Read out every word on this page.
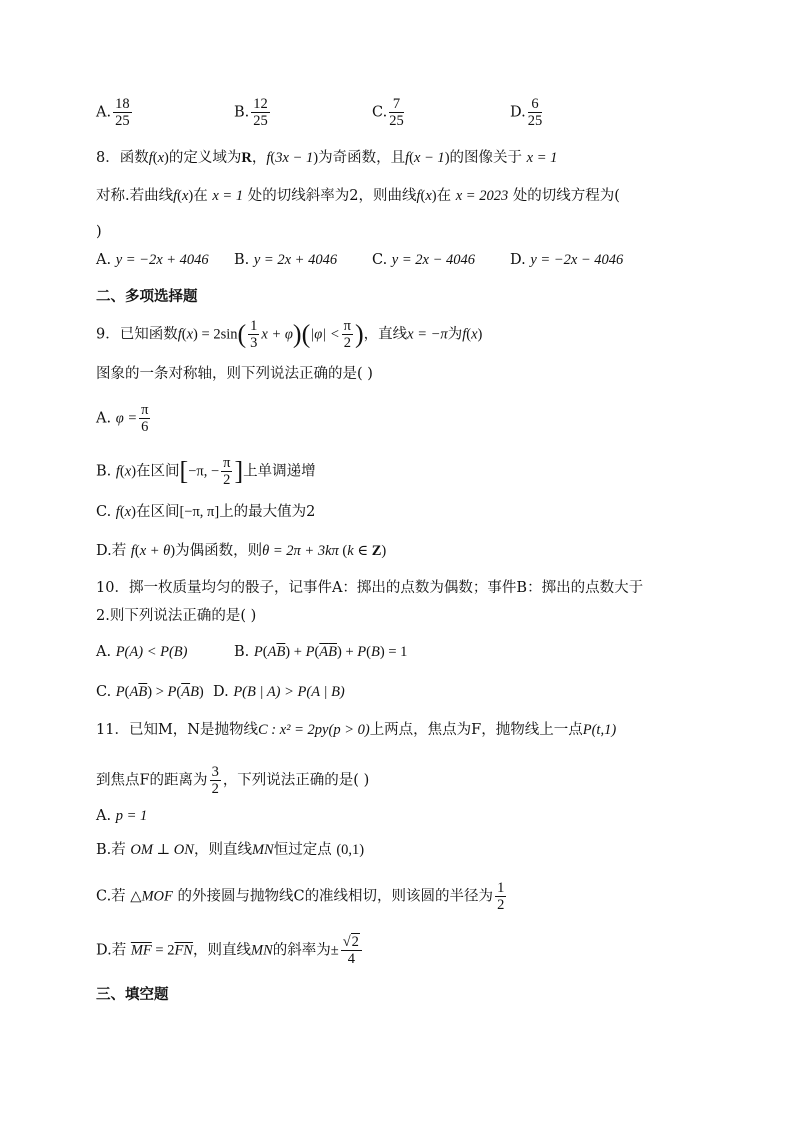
A. $\frac{18}{25}$	B. $\frac{12}{25}$	C. $\frac{7}{25}$	D. $\frac{6}{25}$
8．函数f(x)的定义域为R，f(3x − 1)为奇函数，且f(x − 1)的图像关于 x = 1
对称.若曲线f(x)在 x = 1 处的切线斜率为2，则曲线f(x)在 x = 2023 处的切线方程为(
)
A. y = −2x + 4046 B. y = 2x + 4046 C. y = 2x − 4046 D. y = −2x − 4046
二、多项选择题
9．已知函数$f(x) = 2\sin( \frac{1}{3}$ $x + \varphi)(|\varphi| < \frac{\pi}{2}$ )，直线x = −π为f(x)
图象的一条对称轴，则下列说法正确的是( )
A. $\varphi = \frac{\pi}{6}$
B. f(x)在区间[−π, − $\frac{\pi}{2}$ ]上单调递增
C. f(x)在区间[−π, π]上的最大值为2
D.若 f(x + θ)为偶函数，则θ = 2π + 3kπ (k ∈ Z)
10．掷一枚质量均匀的骰子，记事件A：掷出的点数为偶数；事件B：掷出的点数大于
2.则下列说法正确的是( )
A. P(A) < P(B)	B. $P(A\overline{B}) + P(\overline{A}\overline{B}) + P(B) = 1$
C. $P(A\overline{B}) > P(\overline{A}B)$ D. P(B | A) > P(A | B)
11．已知M，N是抛物线C : x² = 2py(p > 0)上两点，焦点为F，抛物线上一点P(t,1)
到焦点F的距离为 $\frac{3}{2}$ ，下列说法正确的是( )
A. p = 1
B.若 OM ⊥ ON，则直线MN恒过定点 (0,1)
C.若 △MOF 的外接圆与抛物线C的准线相切，则该圆的半径为 $\frac{1}{2}$
D.若 $\overline{MF} = 2\overline{FN}$，则直线MN的斜率为± $\frac{√2}{4}$
三、填空题
